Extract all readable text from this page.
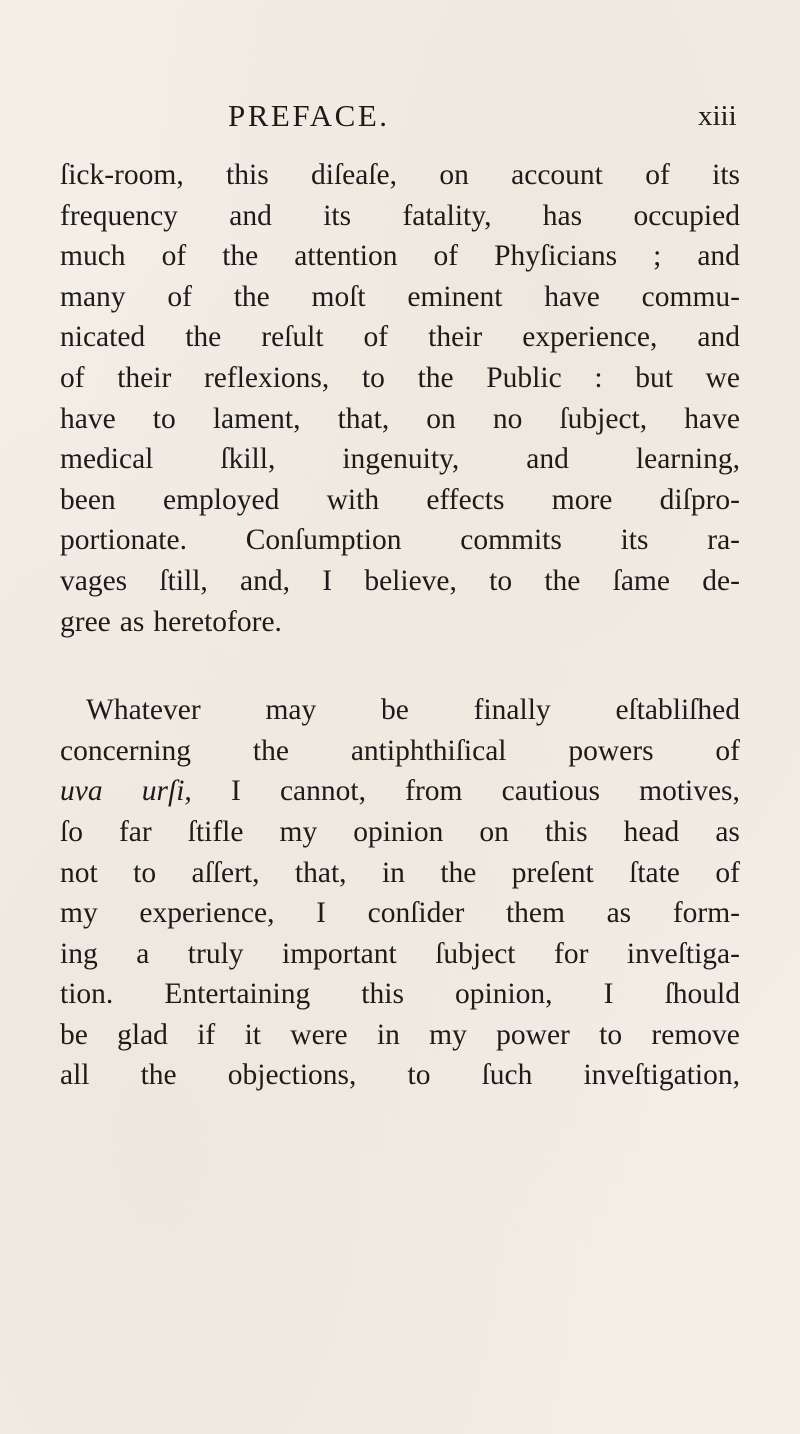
PREFACE.	xiii
ſick-room, this diſeaſe, on account of its
frequency and its fatality, has occupied
much of the attention of Phyſicians ; and
many of the moſt eminent have commu-
nicated the reſult of their experience, and
of their reflexions, to the Public : but we
have to lament, that, on no ſubject, have
medical ſkill, ingenuity, and learning,
been employed with effects more diſpro-
portionate. Conſumption commits its ra-
vages ſtill, and, I believe, to the ſame de-
gree as heretofore.
Whatever may be finally eſtabliſhed
concerning the antiphthiſical powers of
uva urſi, I cannot, from cautious motives,
ſo far ſtifle my opinion on this head as
not to aſſert, that, in the preſent ſtate of
my experience, I conſider them as form-
ing a truly important ſubject for inveſtiga-
tion. Entertaining this opinion, I ſhould
be glad if it were in my power to remove
all the objections, to ſuch inveſtigation,
